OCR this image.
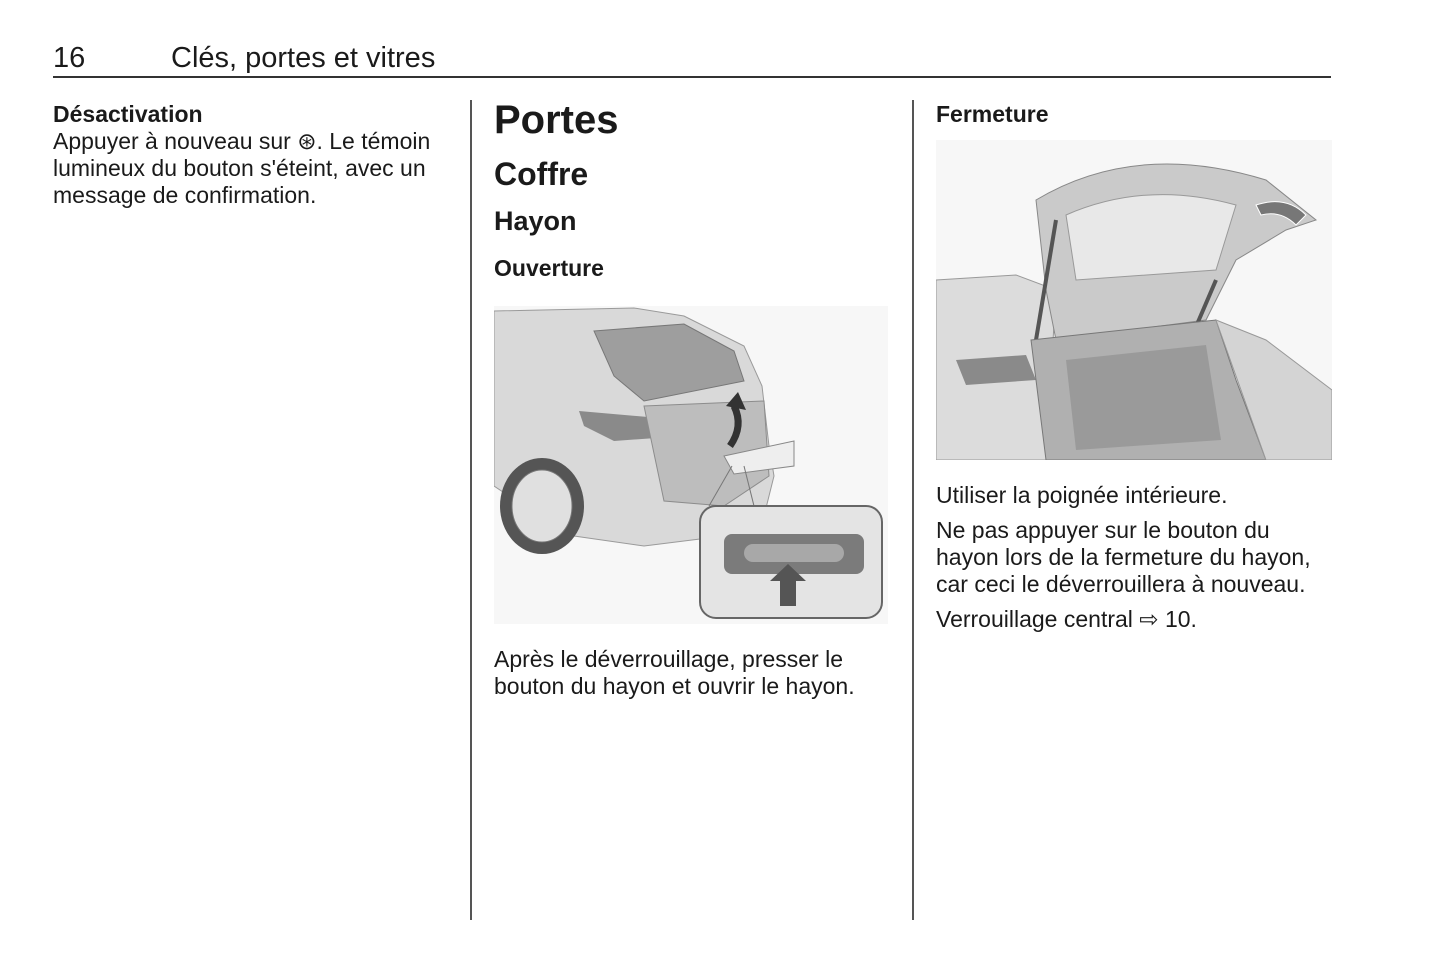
16	Clés, portes et vitres
Désactivation

Appuyer à nouveau sur ⊛. Le témoin
lumineux du bouton s'éteint, avec un
message de confirmation.

Portes
Coffre
Hayon
Ouverture

Après le déverrouillage, presser le
bouton du hayon et ouvrir le hayon.

Fermeture

Utiliser la poignée intérieure.

Ne pas appuyer sur le bouton du
hayon lors de la fermeture du hayon,
car ceci le déverrouillera à nouveau.

Verrouillage central ⇨ 10.
